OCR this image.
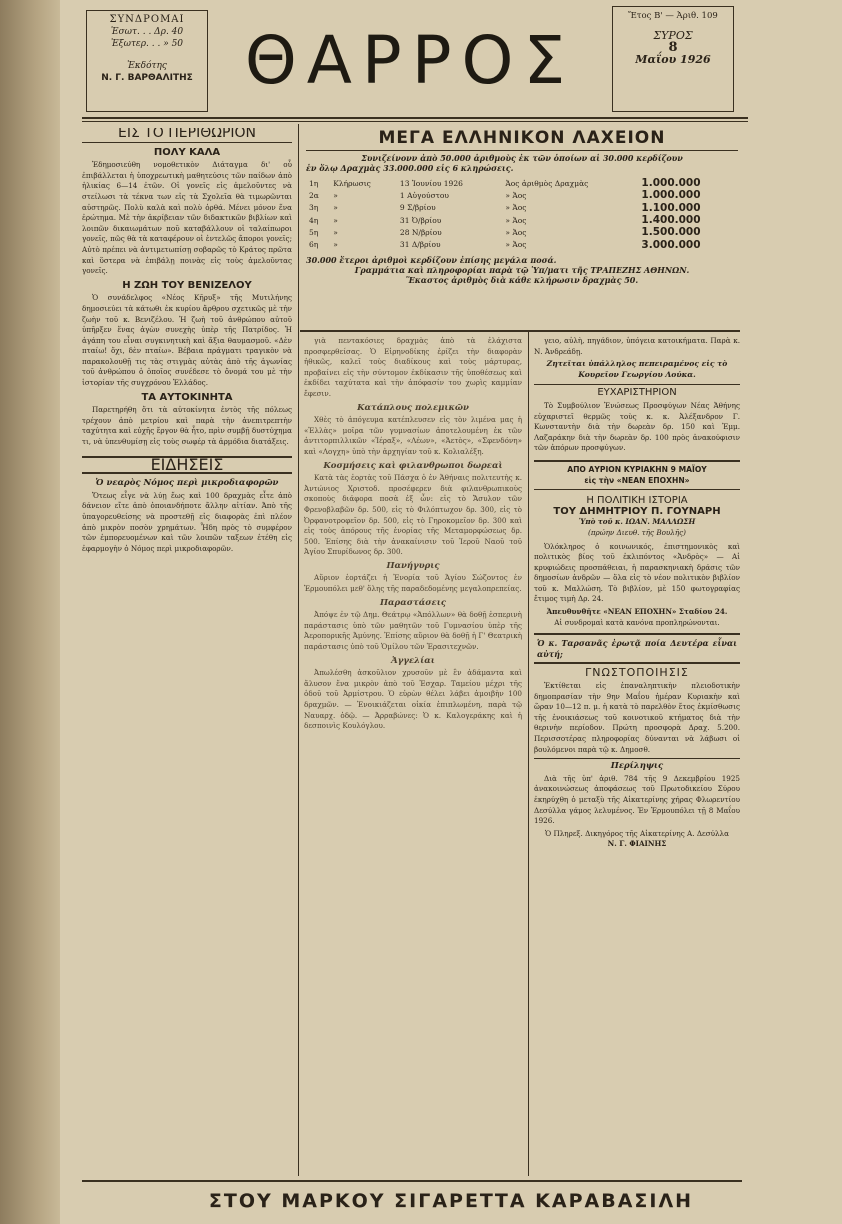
ΣΥΝΔΡΟΜΑΙ
Ἐσωτ. . . Δρ. 40
Ἐξωτερ. . . » 50
Ἐκδότης
Ν. Γ. ΒΑΡΘΑΛΙΤΗΣ ΘΑΡΡΟΣ
Ἔτος Β' — Ἀριθ. 109
ΣΥΡΟΣ
8
Μαΐου 1926
ΕΙΣ ΤΟ ΠΕΡΙΘΩΡΙΟΝ
ΠΟΛΥ ΚΑΛΑ

Ἐδημοσιεύθη νομοθετικὸν Διάταγμα δι' οὗ ἐπιβάλλεται ἡ ὑποχρεωτικὴ μαθητεύσις τῶν παίδων ἀπὸ ἡλικίας 6—14 ἐτῶν. Οἱ γονεῖς εἰς ἀμελοῦντες νὰ στείλωσι τὰ τέκνα των εἰς τὰ Σχολεῖα θὰ τιμωρῶνται αὐστηρῶς. Πολὺ καλὰ καὶ πολὺ ὀρθά. Μένει μόνον ἕνα ἐρώτημα. Μὲ τὴν ἀκρίβειαν τῶν διδακτικῶν βιβλίων καὶ λοιπῶν δικαιωμάτων ποῦ καταβάλλουν οἱ ταλαίπωροι γονεῖς, πῶς θὰ τὰ καταφέρουν οἱ ἐντελῶς ἄποροι γονεῖς; Αὐτὸ πρέπει νὰ ἀντιμετωπίσῃ σοβαρῶς τὸ Κράτος πρῶτα καὶ ὕστερα νὰ ἐπιβάλῃ ποινὰς εἰς τοὺς ἀμελοῦντας γονεῖς.

Η ΖΩΗ ΤΟΥ ΒΕΝΙΖΕΛΟΥ

Ὁ συνάδελφος «Νέος Κῆρυξ» τῆς Μυτιλήνης δημοσιεύει τὰ κάτωθι ἐκ κυρίου ἄρθρου σχετικῶς μὲ τὴν ζωὴν τοῦ κ. Βενιζέλου. Ἡ ζωὴ τοῦ ἀνθρώπου αὐτοῦ ὑπῆρξεν ἕνας ἀγὼν συνεχὴς ὑπὲρ τῆς Πατρίδος. Ἡ ἀγάπη του εἶναι συγκινητικὴ καὶ ἄξια θαυμασμοῦ. «Δὲν πταίω! ὄχι, δὲν πταίω». Βέβαια πράγματι τραγικὸν νὰ παρακολουθῇ τις τὰς στιγμὰς αὐτὰς ἀπὸ τῆς ἀγωνίας τοῦ ἀνθρώπου ὁ ὁποῖος συνέδεσε τὸ ὄνομά του μὲ τὴν ἱστορίαν τῆς συγχρόνου Ἑλλάδος.

ΤΑ ΑΥΤΟΚΙΝΗΤΑ

Παρετηρήθη ὅτι τὰ αὐτοκίνητα ἐντὸς τῆς πόλεως τρέχουν ἀπὸ μετρίου καὶ παρὰ τὴν ἀνεπιτρεπτὴν ταχύτητα καὶ εὐχῆς ἔργον θὰ ἦτο, πρὶν συμβῇ δυστύχημα τι, νὰ ὑπενθυμίσῃ εἰς τοὺς σωφέρ τὰ ἀρμόδια διατάξεις.

ΕΙΔΗΣΕΙΣ
Ὁ νεαρὸς Νόμος περὶ μικροδιαφορῶν

Ὅτεως εἶγε νὰ λύῃ ἕως καὶ 100 δραχμὰς εἶτε ἀπὸ δάνειον εἴτε ἀπὸ ὁποιανδήποτε ἄλλην αἰτίαν. Ἀπὸ τῆς ὑπαγορευθείσης νὰ προστεθῇ εἰς διαφορὰς ἐπὶ πλέον ἀπὸ μικρὸν ποσὸν χρημάτων. Ἦδη πρὸς τὸ συμφέρον τῶν ἐμπορευομένων καὶ τῶν λοιπῶν ταξεων ἐτέθη εἰς ἐφαρμογὴν ὁ Νόμος περὶ μικροδιαφορῶν.

ΜΕΓΑ ΕΛΛΗΝΙΚΟΝ ΛΑΧΕΙΟΝ
Συνιζείνονν ἀπὸ 50.000 ἀριθμοὺς ἐκ τῶν ὁποίων αἱ 30.000 κερδίζουν
ἐν ὅλῳ Δραχμὰς 33.000.000 εἰς 6 κληρώσεις.
1η	Κλήρωσις	13 Ἰουνίου 1926	Ἀος ἀριθμὸς Δραχμὰς	1.000.000
2α	»	1 Αὐγούστου	» Ἀος	1.000.000
3η	»	9 Σ/βρίου	» Ἀος	1.100.000
4η	»	31 Ὀ/βρίου	» Ἀος	1.400.000
5η	»	28 Ν/βρίου	» Ἀος	1.500.000
6η	»	31 Δ/βρίου	» Ἀος	3.000.000
30.000 ἕτεροι ἀριθμοὶ κερδίζουν ἐπίσης μεγάλα ποσά.
Γραμμάτια καὶ πληροφορίαι παρὰ τῷ Ὑπ/ματι τῆς ΤΡΑΠΕΖΗΣ ΑΘΗΝΩΝ.
Ἕκαστος ἀριθμὸς διὰ κάθε κλήρωσιν δραχμὰς 50.

γιὰ πεντακόσιες δραχμὰς ἀπὸ τὰ ἐλάχιστα προσφερθείσας. Ὁ Εἰρηνοδίκης ἐρίζει τὴν διαφορὰν ἠθικῶς, καλεῖ τοὺς διαδίκους καὶ τοὺς μάρτυρας, προβαίνει εἰς τὴν σύντομον ἐκδίκασιν τῆς ὑποθέσεως καὶ ἐκδίδει ταχύτατα καὶ τὴν ἀπόφασίν του χωρὶς καμμίαν ἔφεσιν.

Κατάπλους πολεμικῶν

Χθὲς τὸ ἀπόγευμα κατέπλευσεν εἰς τὸν λιμένα μας ἡ «Ἑλλὰς» μοῖρα τῶν γυμνασίων ἀποτελουμένη ἐκ τῶν ἀντιτορπιλλικῶν «Ἰέραξ», «Λέων», «Ἀετὸς», «Σφενδόνη» καὶ «Λογχη» ὑπὸ τὴν ἀρχηγίαν τοῦ κ. Κολιαλέξη.

Κοσμήσεις καὶ φιλανθρωποι δωρεαὶ

Κατὰ τὰς ἑορτὰς τοῦ Πάσχα ὁ ἐν Ἀθήναις πολιτευτὴς κ. Ἀντώνιος Χριστοδ. προσέφερεν διὰ φιλανθρωπικοὺς σκοποὺς διάφορα ποσὰ ἐξ ὧν: εἰς τὸ Ἄσυλον τῶν Φρενοβλαβῶν δρ. 500, εἰς τὸ Φιλόπτωχον δρ. 300, εἰς τὸ Ὀρφανοτροφεῖον δρ. 500, εἰς τὸ Γηροκομεῖον δρ. 300 καὶ εἰς τοὺς ἀπόρους τῆς ἐνορίας τῆς Μεταμορφώσεως δρ. 500. Ἐπίσης διὰ τὴν ἀνακαίνισιν τοῦ Ἱεροῦ Ναοῦ τοῦ Ἁγίου Σπυρίδωνος δρ. 300.

Πανήγυρις

Αὔριον ἑορτάζει ἡ Ἐνορία τοῦ Ἁγίου Σώζοντος ἐν Ἐρμουπόλει μεθ' ὅλης τῆς παραδεδομένης μεγαλοπρεπείας.

Παραστάσεις

Ἀπόψε ἐν τῷ Δημ. Θεάτρῳ «Ἀπόλλων» θὰ δοθῇ ἑσπερινὴ παράστασις ὑπὸ τῶν μαθητῶν τοῦ Γυμνασίου ὑπὲρ τῆς Ἀεροπορικῆς Ἀμύνης. Ἐπίσης αὔριον θὰ δοθῇ ἡ Γ' Θεατρικὴ παράστασις ὑπὸ τοῦ Ὁμίλου τῶν Ἐρασιτεχνῶν.

Ἀγγελίαι

Ἀπωλέσθη ἀσκοῦλιον χρυσοῦν μὲ ἓν ἀδάμαντα καὶ ἄλυσον ἕνα μικρὸν ἀπὸ τοῦ Ἐσχαρ. Ταμείου μέχρι τῆς ὁδοῦ τοῦ Ἀρμίστρου. Ὁ εὑρὼν θέλει λάβει ἀμοιβὴν 100 δραχμῶν. — Ἐνοικιάζεται οἰκία ἐπιπλωμένη, παρὰ τῷ Ναυαρχ. ὁδῷ. — Ἀρραβώνες: Ὁ κ. Καλογεράκης καὶ ἡ δεσποινὶς Κουλόγλου.

γειο, αὐλὴ, πηγάδιον, ὑπόγεια κατοικήματα. Παρὰ κ. Ν. Ἀνδρεάδῃ.

Ζητεῖται ὑπάλληλος πεπειραμένος εἰς τὸ Κουρεῖον Γεωργίου Λούκα.
ΕΥΧΑΡΙΣΤΗΡΙΟΝ

Τὸ Συμβούλιον Ἑνώσεως Προσφύγων Νέας Ἀθήνης εὐχαριστεῖ θερμῶς τοὺς κ. κ. Ἀλέξανδρον Γ. Κωνσταντὴν διὰ τὴν δωρεὰν δρ. 150 καὶ Ἐμμ. Λαζαράκην διὰ τὴν δωρεὰν δρ. 100 πρὸς ἀνακούφισιν τῶν ἀπόρων προσφύγων.

ΑΠΟ ΑΥΡΙΟΝ ΚΥΡΙΑΚΗΝ 9 ΜΑΪΟΥ
εἰς τὴν «ΝΕΑΝ ΕΠΟΧΗΝ»
Η ΠΟΛΙΤΙΚΗ ΙΣΤΟΡΙΑ
ΤΟΥ ΔΗΜΗΤΡΙΟΥ Π. ΓΟΥΝΑΡΗ
Ὑπὸ τοῦ κ. ΙΩΑΝ. ΜΑΛΛΩΣΗ
(πρώην Διευθ. τῆς Βουλῆς)

Ὁλόκληρος ὁ κοινωνικός, ἐπιστημονικὸς καὶ πολιτικὸς βίος τοῦ ἐκλιπόντος «Ἀνδρὸς» — Αἱ κρυφιώδεις προσπάθειαι, ἡ παρασκηνιακὴ δράσις τῶν δημοσίων ἀνδρῶν — ὅλα εἰς τὸ νέον πολιτικὸν βιβλίον τοῦ κ. Μαλλώση. Τὸ βιβλίον, μὲ 150 φωτογραφίας ἔτιμος τιμὴ Δρ. 24.

Ἀπευθυνθῆτε «ΝΕΑΝ ΕΠΟΧΗΝ» Σταδίου 24.
Αἱ συνδρομαὶ κατὰ κανόνα προπληρώνονται.
Ὁ κ. Ταρσανᾶς ἐρωτᾷ ποία Δευτέρα εἶναι αὐτή;
ΓΝΩΣΤΟΠΟΙΗΣΙΣ

Ἐκτίθεται εἰς ἐπαναληπτικὴν πλειοδοτικὴν δημοπρασίαν τὴν 9ην Μαΐου ἡμέραν Κυριακὴν καὶ ὥραν 10—12 π. μ. ἡ κατὰ τὸ παρελθὸν ἔτος ἐκμίσθωσις τῆς ἐνοικιάσεως τοῦ κοινοτικοῦ κτήματος διὰ τὴν θερινὴν περίοδον. Πρώτη προσφορὰ Δραχ. 5.200. Περισσοτέρας πληροφορίας δύνανται νὰ λάβωσι οἱ βουλόμενοι παρὰ τῷ κ. Δημοσθ.

Περίληψις

Διὰ τῆς ὑπ' ἀριθ. 784 τῆς 9 Δεκεμβρίου 1925 ἀνακοινώσεως ἀποφάσεως τοῦ Πρωτοδικείου Σύρου ἐκηρύχθη ὁ μεταξὺ τῆς Αἰκατερίνης χήρας Φλωρεντίου Δεσύλλα γάμος λελυμένος. Ἐν Ἑρμουπόλει τῇ 8 Μαΐου 1926.

Ὁ Πληρεξ. Δικηγόρος τῆς Αἰκατερίνης Α. Δεσύλλα
Ν. Γ. ΦΙΑΙΝΗΣ
ΣΤΟΥ ΜΑΡΚΟΥ ΣΙΓΑΡΕΤΤΑ ΚΑΡΑΒΑΣΙΛΗ
